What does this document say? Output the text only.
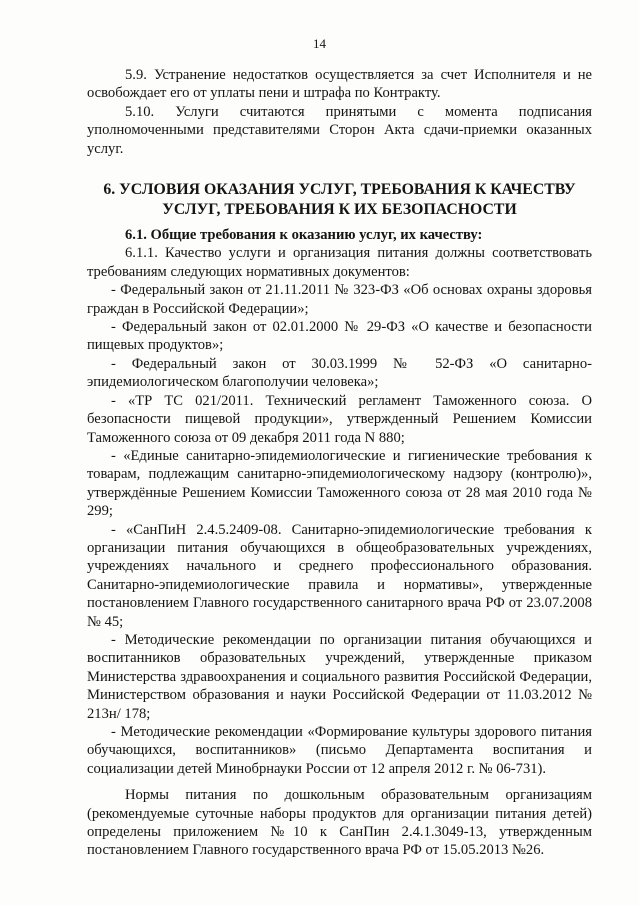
14

5.9. Устранение недостатков осуществляется за счет Исполнителя и не освобождает его от уплаты пени и штрафа по Контракту.

5.10. Услуги считаются принятыми с момента подписания уполномоченными представителями Сторон Акта сдачи-приемки оказанных услуг.

6. УСЛОВИЯ ОКАЗАНИЯ УСЛУГ, ТРЕБОВАНИЯ К КАЧЕСТВУ УСЛУГ, ТРЕБОВАНИЯ К ИХ БЕЗОПАСНОСТИ

6.1. Общие требования к оказанию услуг, их качеству:

6.1.1. Качество услуги и организация питания должны соответствовать требованиям следующих нормативных документов:

- Федеральный закон от 21.11.2011 № 323-ФЗ «Об основах охраны здоровья граждан в Российской Федерации»;

- Федеральный закон от 02.01.2000 № 29-ФЗ «О качестве и безопасности пищевых продуктов»;

- Федеральный закон от 30.03.1999 № 52-ФЗ «О санитарно-эпидемиологическом благополучии человека»;

- «ТР ТС 021/2011. Технический регламент Таможенного союза. О безопасности пищевой продукции», утвержденный Решением Комиссии Таможенного союза от 09 декабря 2011 года N 880;

- «Единые санитарно-эпидемиологические и гигиенические требования к товарам, подлежащим санитарно-эпидемиологическому надзору (контролю)», утверждённые Решением Комиссии Таможенного союза от 28 мая 2010 года № 299;

- «СанПиН 2.4.5.2409-08. Санитарно-эпидемиологические требования к организации питания обучающихся в общеобразовательных учреждениях, учреждениях начального и среднего профессионального образования. Санитарно-эпидемиологические правила и нормативы», утвержденные постановлением Главного государственного санитарного врача РФ от 23.07.2008 № 45;

- Методические рекомендации по организации питания обучающихся и воспитанников образовательных учреждений, утвержденные приказом Министерства здравоохранения и социального развития Российской Федерации, Министерством образования и науки Российской Федерации от 11.03.2012 № 213н/ 178;

- Методические рекомендации «Формирование культуры здорового питания обучающихся, воспитанников» (письмо Департамента воспитания и социализации детей Минобрнауки России от 12 апреля 2012 г. № 06-731).

Нормы питания по дошкольным образовательным организациям (рекомендуемые суточные наборы продуктов для организации питания детей) определены приложением №10 к СанПин 2.4.1.3049-13, утвержденным постановлением Главного государственного врача РФ от 15.05.2013 №26.
